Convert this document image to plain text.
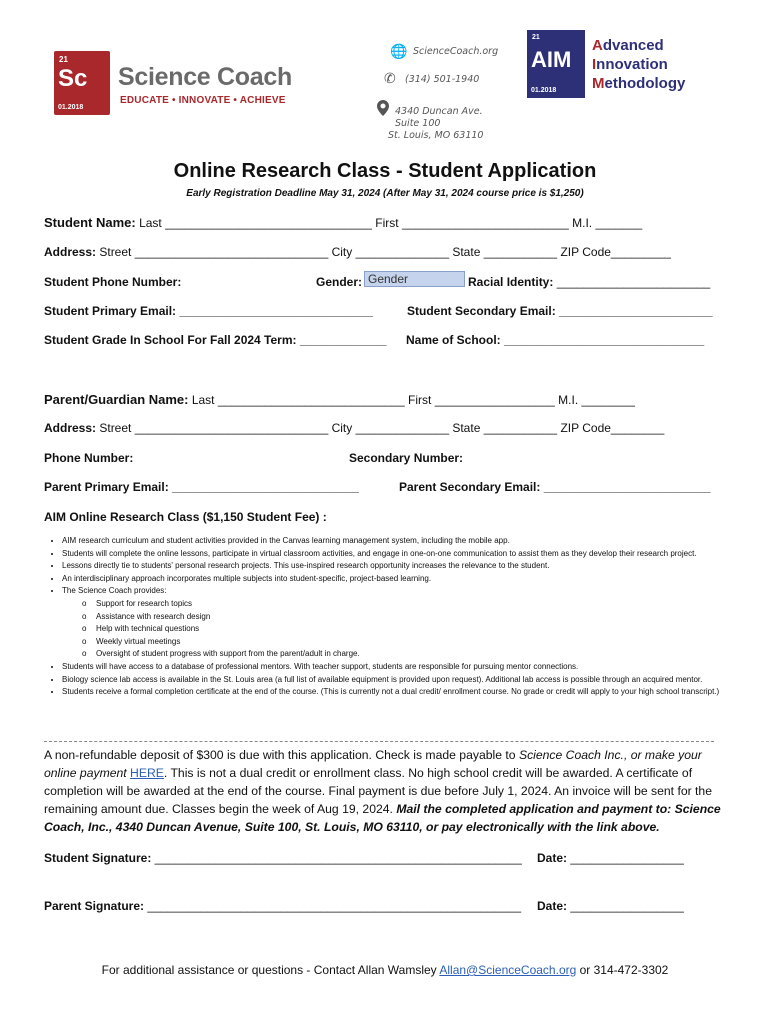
21
Sc
01.2018
Science Coach
EDUCATE • INNOVATE • ACHIEVE
🌐 ScienceCoach.org
✆ (314) 501-1940
4340 Duncan Ave.
Suite 100
St. Louis, MO 63110
21
AIM
01.2018
Advanced
Innovation
Methodology
Online Research Class - Student Application
Early Registration Deadline May 31, 2024 (After May 31, 2024 course price is $1,250)
Student Name: Last _______________________________ First _________________________ M.I. _______
Address: Street _____________________________ City ______________ State ___________ ZIP Code_________
Student Phone Number:	Gender: Gender	Racial Identity: _______________________
Student Primary Email: _____________________________	Student Secondary Email: _______________________
Student Grade In School For Fall 2024 Term: _____________ Name of School: ______________________________
Parent/Guardian Name: Last ____________________________ First __________________ M.I. ________
Address: Street _____________________________ City ______________ State ___________ ZIP Code________
Phone Number:	Secondary Number:
Parent Primary Email: ____________________________	Parent Secondary Email: _________________________
AIM Online Research Class ($1,150 Student Fee) :
• AIM research curriculum and student activities provided in the Canvas learning management system, including the mobile app.
• Students will complete the online lessons, participate in virtual classroom activities, and engage in one-on-one communication to assist them as they develop their research project.
• Lessons directly tie to students' personal research projects. This use-inspired research opportunity increases the relevance to the student.
• An interdisciplinary approach incorporates multiple subjects into student-specific, project-based learning.
• The Science Coach provides:
o Support for research topics
o Assistance with research design
o Help with technical questions
o Weekly virtual meetings
o Oversight of student progress with support from the parent/adult in charge.
• Students will have access to a database of professional mentors. With teacher support, students are responsible for pursuing mentor connections.
• Biology science lab access is available in the St. Louis area (a full list of available equipment is provided upon request). Additional lab access is possible through an acquired mentor.
• Students receive a formal completion certificate at the end of the course. (This is currently not a dual credit/ enrollment course. No grade or credit will apply to your high school transcript.)
A non-refundable deposit of $300 is due with this application. Check is made payable to Science Coach Inc., or make your online payment HERE. This is not a dual credit or enrollment class. No high school credit will be awarded. A certificate of completion will be awarded at the end of the course. Final payment is due before July 1, 2024. An invoice will be sent for the remaining amount due. Classes begin the week of Aug 19, 2024. Mail the completed application and payment to: Science Coach, Inc., 4340 Duncan Avenue, Suite 100, St. Louis, MO 63110, or pay electronically with the link above.
Student Signature: _______________________________________________________ Date: _________________
Parent Signature: ________________________________________________________ Date: _________________
For additional assistance or questions - Contact Allan Wamsley Allan@ScienceCoach.org or 314-472-3302
